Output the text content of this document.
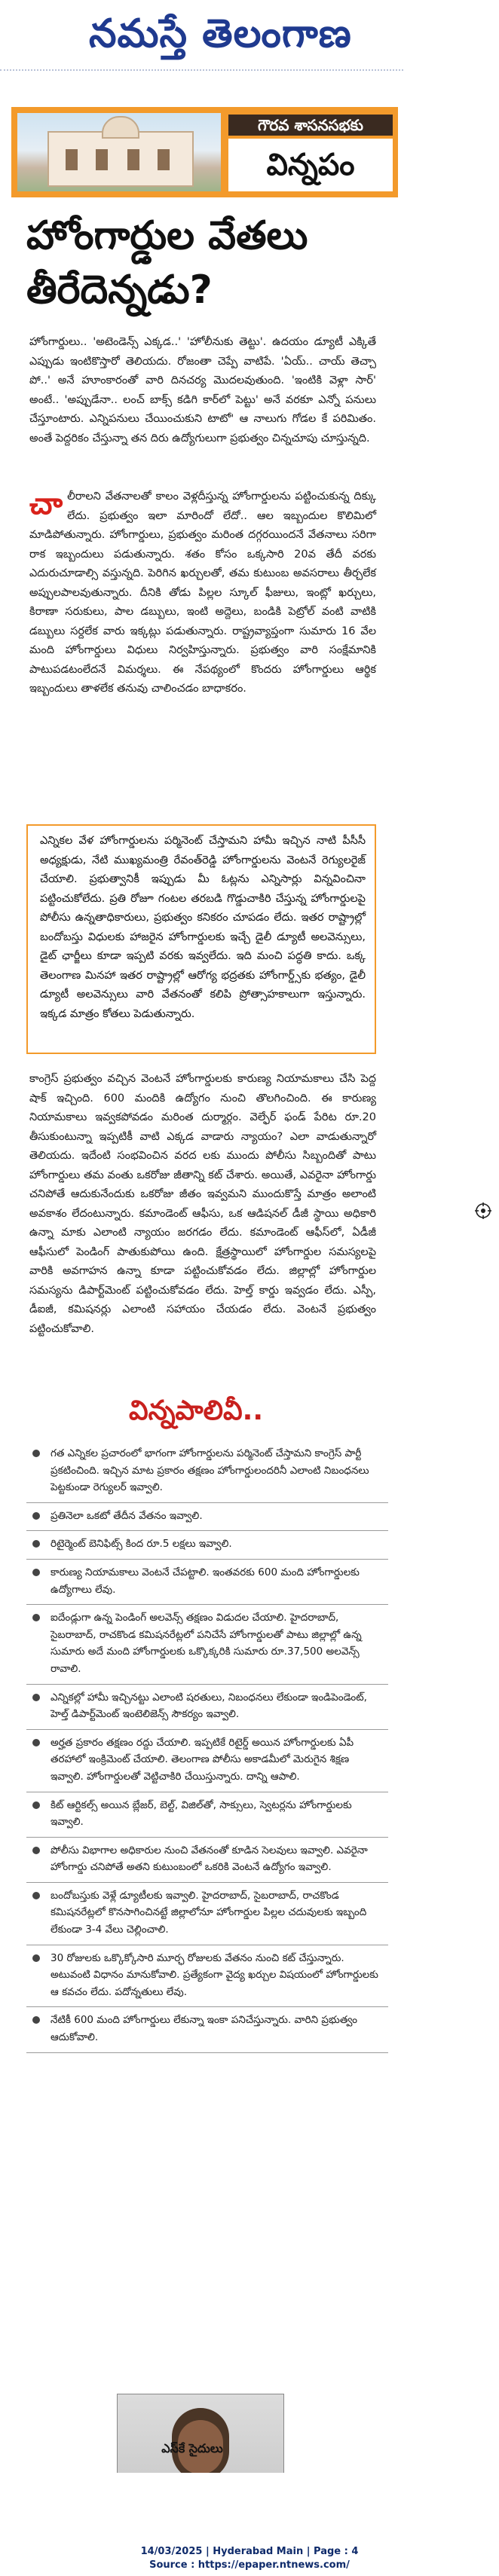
నమస్తే తెలంగాణ
గౌరవ శాసనసభకు
విన్నపం
హోంగార్డుల వేతలు తీరేదెన్నడు?
హోంగార్డులు.. 'అటెండెన్స్ ఎక్కడ..' 'హోలీనుకు తెట్టు'. ఉదయం డ్యూటీ ఎక్కితే ఎప్పుడు ఇంటికొస్తారో తెలియదు. రోజంతా చెప్పే వాటిపే. 'ఏయ్.. చాయ్ తెచ్చా పో..' అనే హూంకారంతో వారి దినచర్య మొదలవుతుంది. 'ఇంటికి వెళ్లా సార్' అంటే.. 'అప్పుడేనా.. లంచ్ బాక్స్ కడిగి కార్‌లో పెట్టు' అనే వరకూ ఎన్నో పనులు చేస్తూంటారు. ఎన్నిపనులు చేయించుకుని టాటో' ఆ నాలుగు గోడల కే పరిమితం. అంతే పెద్దరికం చేస్తున్నా తన దిరు ఉద్యోగులుగా ప్రభుత్వం చిన్నచూపు చూస్తున్నది.
చాలీరాలని వేతనాలతో కాలం వెళ్లదీస్తున్న హోంగార్డులను పట్టించుకున్న దిక్కు లేదు. ప్రభుత్వం ఇలా మారిందో లేదో.. ఆల ఇబ్బందుల కొలిమిలో మాడిపోతున్నారు. హోంగార్డులు, ప్రభుత్వం మరింత దగ్గరయిందనే వేతనాలు సరిగా రాక ఇబ్బందులు పడుతున్నారు. శతం కోసం ఒక్కసారి 20వ తేదీ వరకు ఎదురుచూడాల్సి వస్తున్నది. పెరిగిన ఖర్చులతో, తమ కుటుంబ అవసరాలు తీర్చలేక అప్పులపాలవుతున్నారు. దీనికి తోడు పిల్లల స్కూల్ ఫీజులు, ఇంట్లో ఖర్చులు, కిరాణా సరుకులు, పాల డబ్బులు, ఇంటి అద్దెలు, బండికి పెట్రోల్ వంటి వాటికి డబ్బులు సర్దలేక వారు ఇక్కట్లు పడుతున్నారు. రాష్ట్రవ్యాప్తంగా సుమారు 16 వేల మంది హోంగార్డులు విధులు నిర్వహిస్తున్నారు. ప్రభుత్వం వారి సంక్షేమానికి పాటుపడటంలేదనే విమర్శలు. ఈ నేపథ్యంలో కొందరు హోంగార్డులు ఆర్థిక ఇబ్బందులు తాళలేక తనువు చాలించడం బాధాకరం.
ఎన్నికల వేళ హోంగార్డులను పర్మినెంట్ చేస్తామని హామీ ఇచ్చిన నాటి పీసీసీ అధ్యక్షుడు, నేటి ముఖ్యమంత్రి రేవంత్‌రెడ్డి హోంగార్డులను వెంటనే రెగ్యులరైజ్ చేయాలి. ప్రభుత్వానికీ ఇప్పుడు మీ ఓట్లను ఎన్నిసార్లు విన్నవించినా పట్టించుకోలేదు. ప్రతి రోజూ గంటల తరబడి గొడ్డుచాకిరి చేస్తున్న హోంగార్డులపై పోలీసు ఉన్నతాధికారులు, ప్రభుత్వం కనికరం చూపడం లేదు. ఇతర రాష్ట్రాల్లో బందోబస్తు విధులకు హాజరైన హోంగార్డులకు ఇచ్చే డైలీ డ్యూటీ అలవెన్సులు, డైట్ ఛార్జీలు కూడా ఇప్పటి వరకు ఇవ్వలేదు. ఇది మంచి పద్ధతి కాదు. ఒక్క తెలంగాణ మినహా ఇతర రాష్ట్రాల్లో ఆరోగ్య భద్రతకు హోంగార్డ్స్‌కు భత్యం, డైలీ డ్యూటీ అలవెన్సులు వారి వేతనంతో కలిపి ప్రోత్సాహకాలుగా ఇస్తున్నారు. ఇక్కడ మాత్రం కోతలు పెడుతున్నారు.
కాంగ్రెస్ ప్రభుత్వం వచ్చిన వెంటనే హోంగార్డులకు కారుణ్య నియామకాలు చేసి పెద్ద షాక్ ఇచ్చింది. 600 మందికి ఉద్యోగం నుంచి తొలగించింది. ఈ కారుణ్య నియామకాలు ఇవ్వకపోవడం మరింత దుర్మార్గం. వెల్ఫేర్ ఫండ్ పేరిట రూ.20 తీసుకుంటున్నా ఇప్పటికీ వాటి ఎక్కడ వాడారు న్యాయం? ఎలా వాడుతున్నారో తెలియదు. ఇదేంటి సంభవించిన వరద లకు ముందు పోలీసు సిబ్బందితో పాటు హోంగార్డులు తమ వంతు ఒకరోజు జీతాన్ని కట్ చేశారు. అయితే, ఎవరైనా హోంగార్డు చనిపోతే ఆదుకునేందుకు ఒకరోజు జీతం ఇవ్వమని ముందుకొస్తే మాత్రం అలాంటి అవకాశం లేదంటున్నారు. కమాండెంట్ ఆఫీసు, ఒక ఆడిషనల్ డీజీ స్థాయి అధికారి ఉన్నా మాకు ఎలాంటి న్యాయం జరగడం లేదు. కమాండెంట్ ఆఫీస్‌లో, ఏడీజీ ఆఫీసులో పెండింగ్ పాతుకుపోయి ఉంది. క్షేత్రస్థాయిలో హోంగార్డుల సమస్యలపై వారికి అవగాహన ఉన్నా కూడా పట్టించుకోవడం లేదు. జిల్లాల్లో హోంగార్డుల సమస్యను డిపార్ట్‌మెంట్ పట్టించుకోవడం లేదు. హెల్త్ కార్డు ఇవ్వడం లేదు. ఎస్పీ, డీఐజీ, కమిషనర్లు ఎలాంటి సహాయం చేయడం లేదు. వెంటనే ప్రభుత్వం పట్టించుకోవాలి.
విన్నపాలివీ..
గత ఎన్నికల ప్రచారంలో భాగంగా హోంగార్డులను పర్మినెంట్ చేస్తామని కాంగ్రెస్ పార్టీ ప్రకటించింది. ఇచ్చిన మాట ప్రకారం తక్షణం హోంగార్డులందరినీ ఎలాంటి నిబంధనలు పెట్టకుండా రెగ్యులర్ ఇవ్వాలి.
ప్రతినెలా ఒకటో తేదీన వేతనం ఇవ్వాలి.
రిటైర్మెంట్ బెనిఫిట్స్ కింద రూ.5 లక్షలు ఇవ్వాలి.
కారుణ్య నియామకాలు వెంటనే చేపట్టాలి. ఇంతవరకు 600 మంది హోంగార్డులకు ఉద్యోగాలు లేవు.
ఐదేండ్లుగా ఉన్న పెండింగ్ అలవెన్స్‌ తక్షణం విడుదల చేయాలి. హైదరాబాద్, సైబరాబాద్, రాచకొండ కమిషనరేట్లలో పనిచేసే హోంగార్డులతో పాటు జిల్లాల్లో ఉన్న సుమారు అదే మంది హోంగార్డులకు ఒక్కొక్కరికి సుమారు రూ.37,500 అలవెన్స్ రావాలి.
ఎన్నికల్లో హామీ ఇచ్చినట్టు ఎలాంటి షరతులు, నిబంధనలు లేకుండా ఇండిపెండెంట్, హెల్త్‌ డిపార్ట్‌మెంట్‌ ఇంటెలిజెన్స్ సౌకర్యం ఇవ్వాలి.
అర్హత ప్రకారం తక్షణం రద్దు చేయాలి. ఇప్పటికే రిటైర్డ్ అయిన హోంగార్డులకు ఏపీ తరహాలో ఇంక్రిమెంట్ చేయాలి. తెలంగాణ పోలీసు అకాడమీలో మెరుగైన శిక్షణ ఇవ్వాలి. హోంగార్డులతో వెట్టిచాకిరి చేయిస్తున్నారు. దాన్ని ఆపాలి.
కిట్ ఆర్టికల్స్ అయిన బ్లేజర్, బెల్ట్, విజిల్‌తో, సాక్సులు, స్వెటర్లను హోంగార్డులకు ఇవ్వాలి.
పోలీసు విభాగాల అధికారుల నుంచి వేతనంతో కూడిన సెలవులు ఇవ్వాలి. ఎవరైనా హోంగార్డు చనిపోతే అతని కుటుంబంలో ఒకరికి వెంటనే ఉద్యోగం ఇవ్వాలి.
బందోబస్తుకు వెళ్లే డ్యూటీలకు ఇవ్వాలి. హైదరాబాద్, సైబరాబాద్, రాచకొండ కమిషనరేట్లలో కొనసాగించినట్టే జిల్లాలోనూ హోంగార్డుల పిల్లల చదువులకు ఇబ్బంది లేకుండా 3-4 వేలు చెల్లించాలి.
30 రోజులకు ఒక్కొక్కోసారి మూర్ఛ రోజులకు వేతనం నుంచి కట్ చేస్తున్నారు. అటువంటి విధానం మానుకోవాలి. ప్రత్యేకంగా వైద్య ఖర్చుల విషయంలో హోంగార్డులకు ఆ కవచం లేదు. పదోన్నతులు లేవు.
నేటికీ 600 మంది హోంగార్డులు లేకున్నా ఇంకా పనిచేస్తున్నారు. వారిని ప్రభుత్వం ఆదుకోవాలి.
ఎస్‌కే సైదులు
14/03/2025 | Hyderabad Main | Page : 4
Source : https://epaper.ntnews.com/
